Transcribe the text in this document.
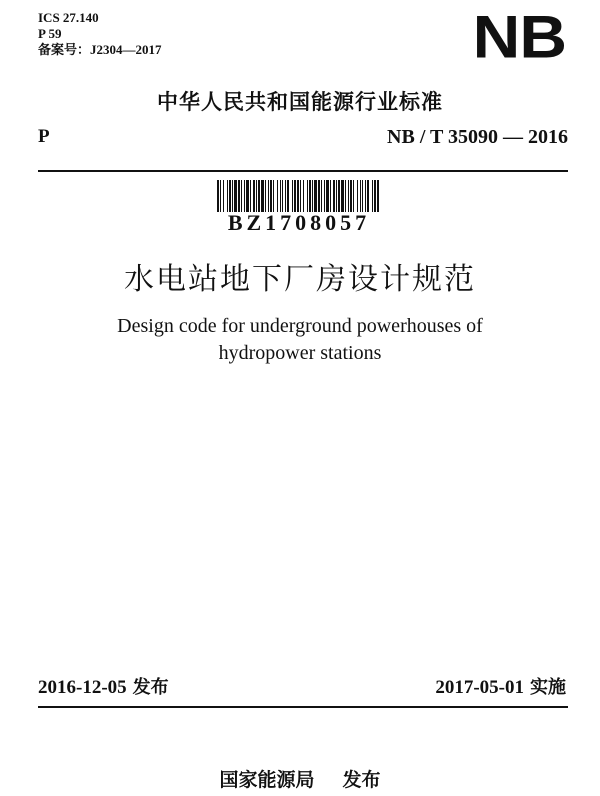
ICS 27.140
P 59
备案号：J2304—2017	NB
中华人民共和国能源行业标准
P	NB / T 35090 — 2016
BZ1708057
水电站地下厂房设计规范
Design code for underground powerhouses of
hydropower stations
2016-12-05 发布	2017-05-01 实施
国家能源局 发布
